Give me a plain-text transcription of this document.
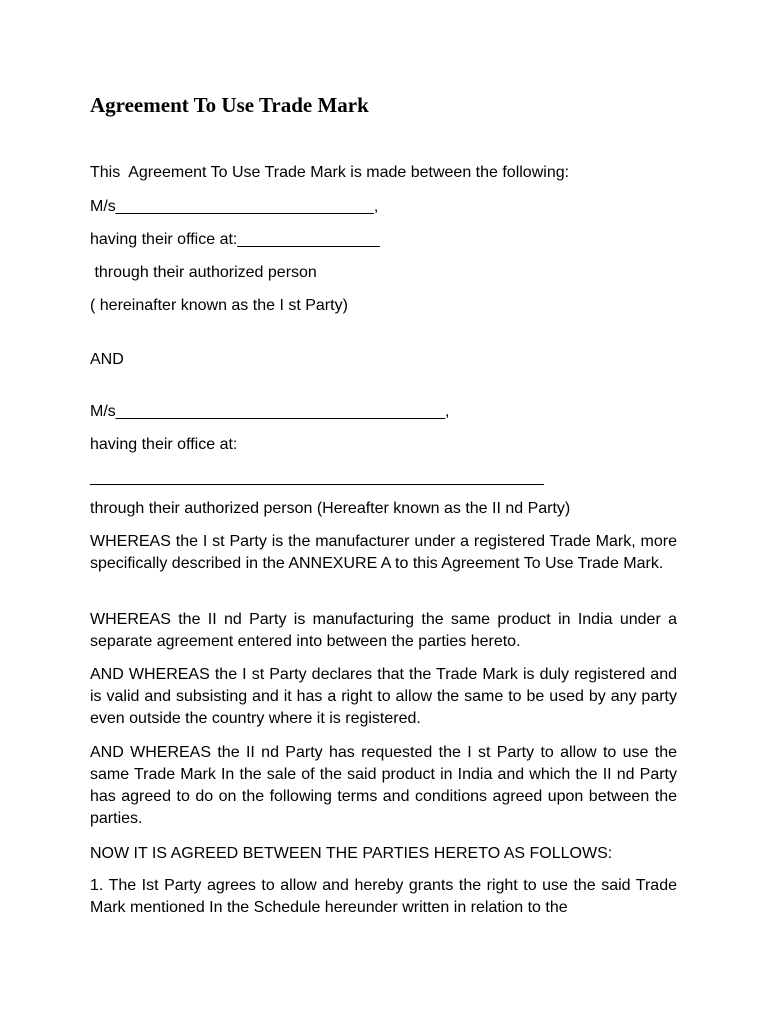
Agreement To Use Trade Mark

This  Agreement To Use Trade Mark is made between the following:

M/s_____________________________,

having their office at:________________

through their authorized person

( hereinafter known as the I st Party)

AND

M/s_____________________________________,

having their office at:

___________________________________________________

through their authorized person (Hereafter known as the II nd Party)

WHEREAS the I st Party is the manufacturer under a registered Trade Mark, more specifically described in the ANNEXURE A to this Agreement To Use Trade Mark.

WHEREAS the II nd Party is manufacturing the same product in India under a separate agreement entered into between the parties hereto.

AND WHEREAS the I st Party declares that the Trade Mark is duly registered and is valid and subsisting and it has a right to allow the same to be used by any party even outside the country where it is registered.

AND WHEREAS the II nd Party has requested the I st Party to allow to use the same Trade Mark In the sale of the said product in India and which the II nd Party has agreed to do on the following terms and conditions agreed upon between the parties.

NOW IT IS AGREED BETWEEN THE PARTIES HERETO AS FOLLOWS:

1. The Ist Party agrees to allow and hereby grants the right to use the said Trade Mark mentioned In the Schedule hereunder written in relation to the
